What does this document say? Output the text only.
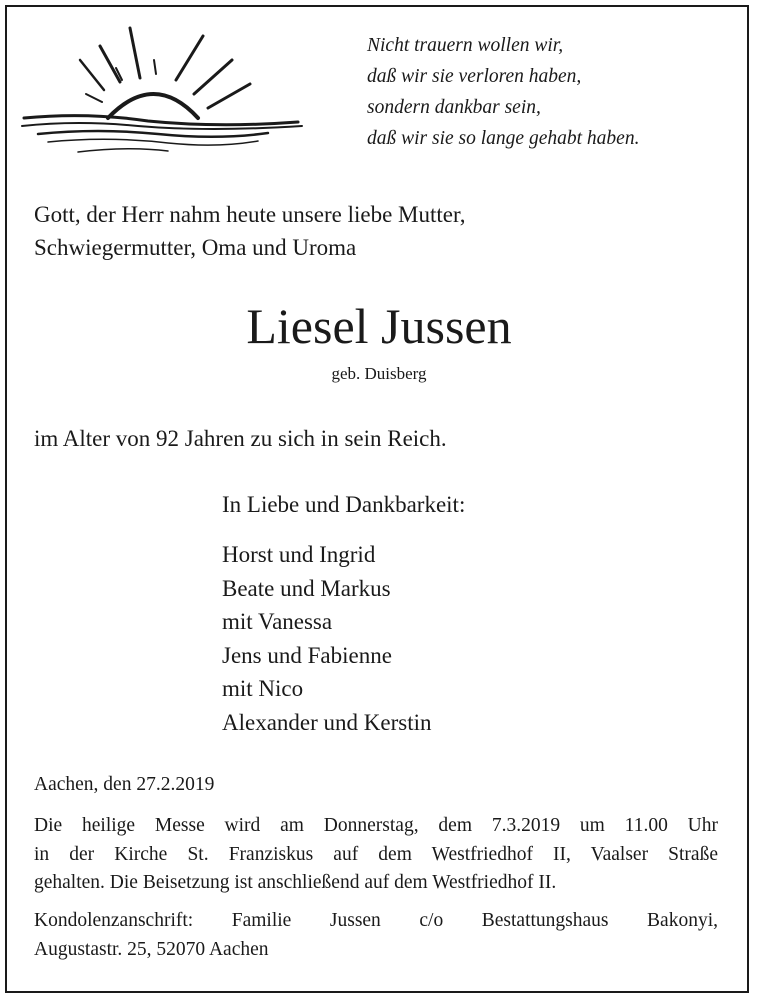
Nicht trauern wollen wir,
daß wir sie verloren haben,
sondern dankbar sein,
daß wir sie so lange gehabt haben.
Gott, der Herr nahm heute unsere liebe Mutter,
Schwiegermutter, Oma und Uroma
Liesel Jussen
geb. Duisberg
im Alter von 92 Jahren zu sich in sein Reich.
In Liebe und Dankbarkeit:
Horst und Ingrid
Beate und Markus
mit Vanessa
Jens und Fabienne
mit Nico
Alexander und Kerstin
Aachen, den 27.2.2019
Die heilige Messe wird am Donnerstag, dem 7.3.2019 um 11.00 Uhr
in der Kirche St. Franziskus auf dem Westfriedhof II, Vaalser Straße
gehalten. Die Beisetzung ist anschließend auf dem Westfriedhof II.
Kondolenzanschrift: Familie Jussen c/o Bestattungshaus Bakonyi,
Augustastr. 25, 52070 Aachen
